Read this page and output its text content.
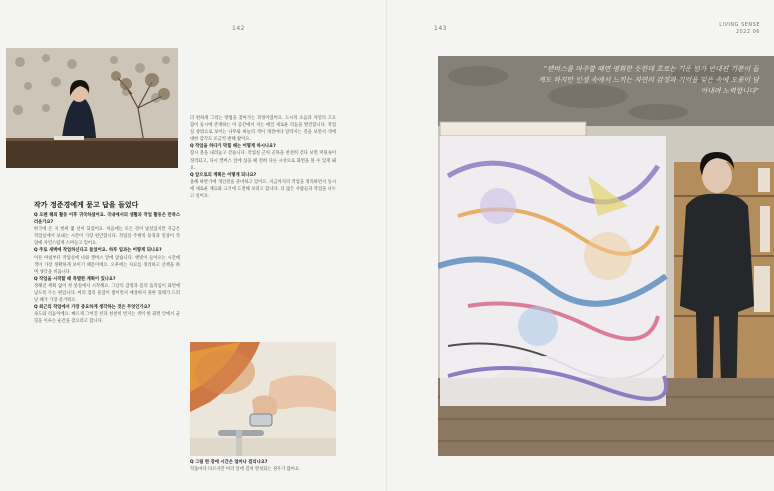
작가 정준경에게 묻고 답을 들었다

Q 오랜 해외 활동 이후 귀국하셨어요. 국내에서의 생활과 작업 활동은 만족스러운가요?

한국에 온 지 벌써 몇 년이 되었어요. 처음에는 모든 것이 낯설었지만 지금은 작업실에서 보내는 시간이 가장 편안합니다. 작업실 주변의 풍경과 일상이 작업에 자연스럽게 스며들고 있어요.

Q 주로 새벽에 작업하신다고 들었어요. 하루 일과는 어떻게 되나요?

이른 아침부터 작업실에 나와 캔버스 앞에 앉습니다. 햇빛이 들어오는 시간에 색이 가장 정확하게 보이기 때문이에요. 오후에는 자료를 정리하고 산책을 하며 생각을 비웁니다.

Q 작업을 시작할 때 특별한 계획이 있나요?

정해진 계획 없이 첫 붓질에서 시작해요. 그날의 감정과 몸의 움직임이 화면에 남도록 두는 편입니다. 여러 겹의 물감이 쌓이면서 예상하지 못한 형태가 드러날 때가 가장 즐거워요.

Q 최근의 작업에서 가장 중요하게 생각하는 것은 무엇인가요?

속도와 리듬이에요. 빠르게 그어진 선과 천천히 번지는 색이 한 화면 안에서 균형을 이루는 순간을 찾으려고 합니다.

142

더 편하게 그리는 방법을 찾아가는 과정이었어요. 도시의 소음과 자연의 고요함이 동시에 존재하는 이 공간에서 저는 매일 새로운 리듬을 발견합니다. 작업실 창밖으로 보이는 나무와 하늘의 색이 계절마다 달라지는 것을 보면서 색에 대한 감각도 조금씩 변해 왔어요.

Q 작업을 하다가 막힐 때는 어떻게 하시나요?

잠시 붓을 내려놓고 걷습니다. 작업실 근처 골목을 천천히 걷다 보면 머릿속이 정리되고, 다시 캔버스 앞에 섰을 때 전혀 다른 시선으로 화면을 볼 수 있게 돼요.

Q 앞으로의 계획은 어떻게 되나요?

올해 하반기에 개인전을 준비하고 있어요. 지금까지의 작업을 정리하면서 동시에 새로운 재료와 크기에 도전해 보려고 합니다. 더 많은 사람들과 작업을 나누고 싶어요.

Q 그림 한 장에 시간은 얼마나 걸리나요?

작품마다 다르지만 여러 달에 걸쳐 완성되는 경우가 많아요.

143	LIVING SENSE
2022 06
“캔버스를 마주할 때면 평화한 듯한데 흐르는 기운 뭔가 반대편 기분이 들게도 하지만 인생 속에서 느끼는 자연의 감정과 기억을 잊은 속에 오롯이 담아내려 노력합니다”
